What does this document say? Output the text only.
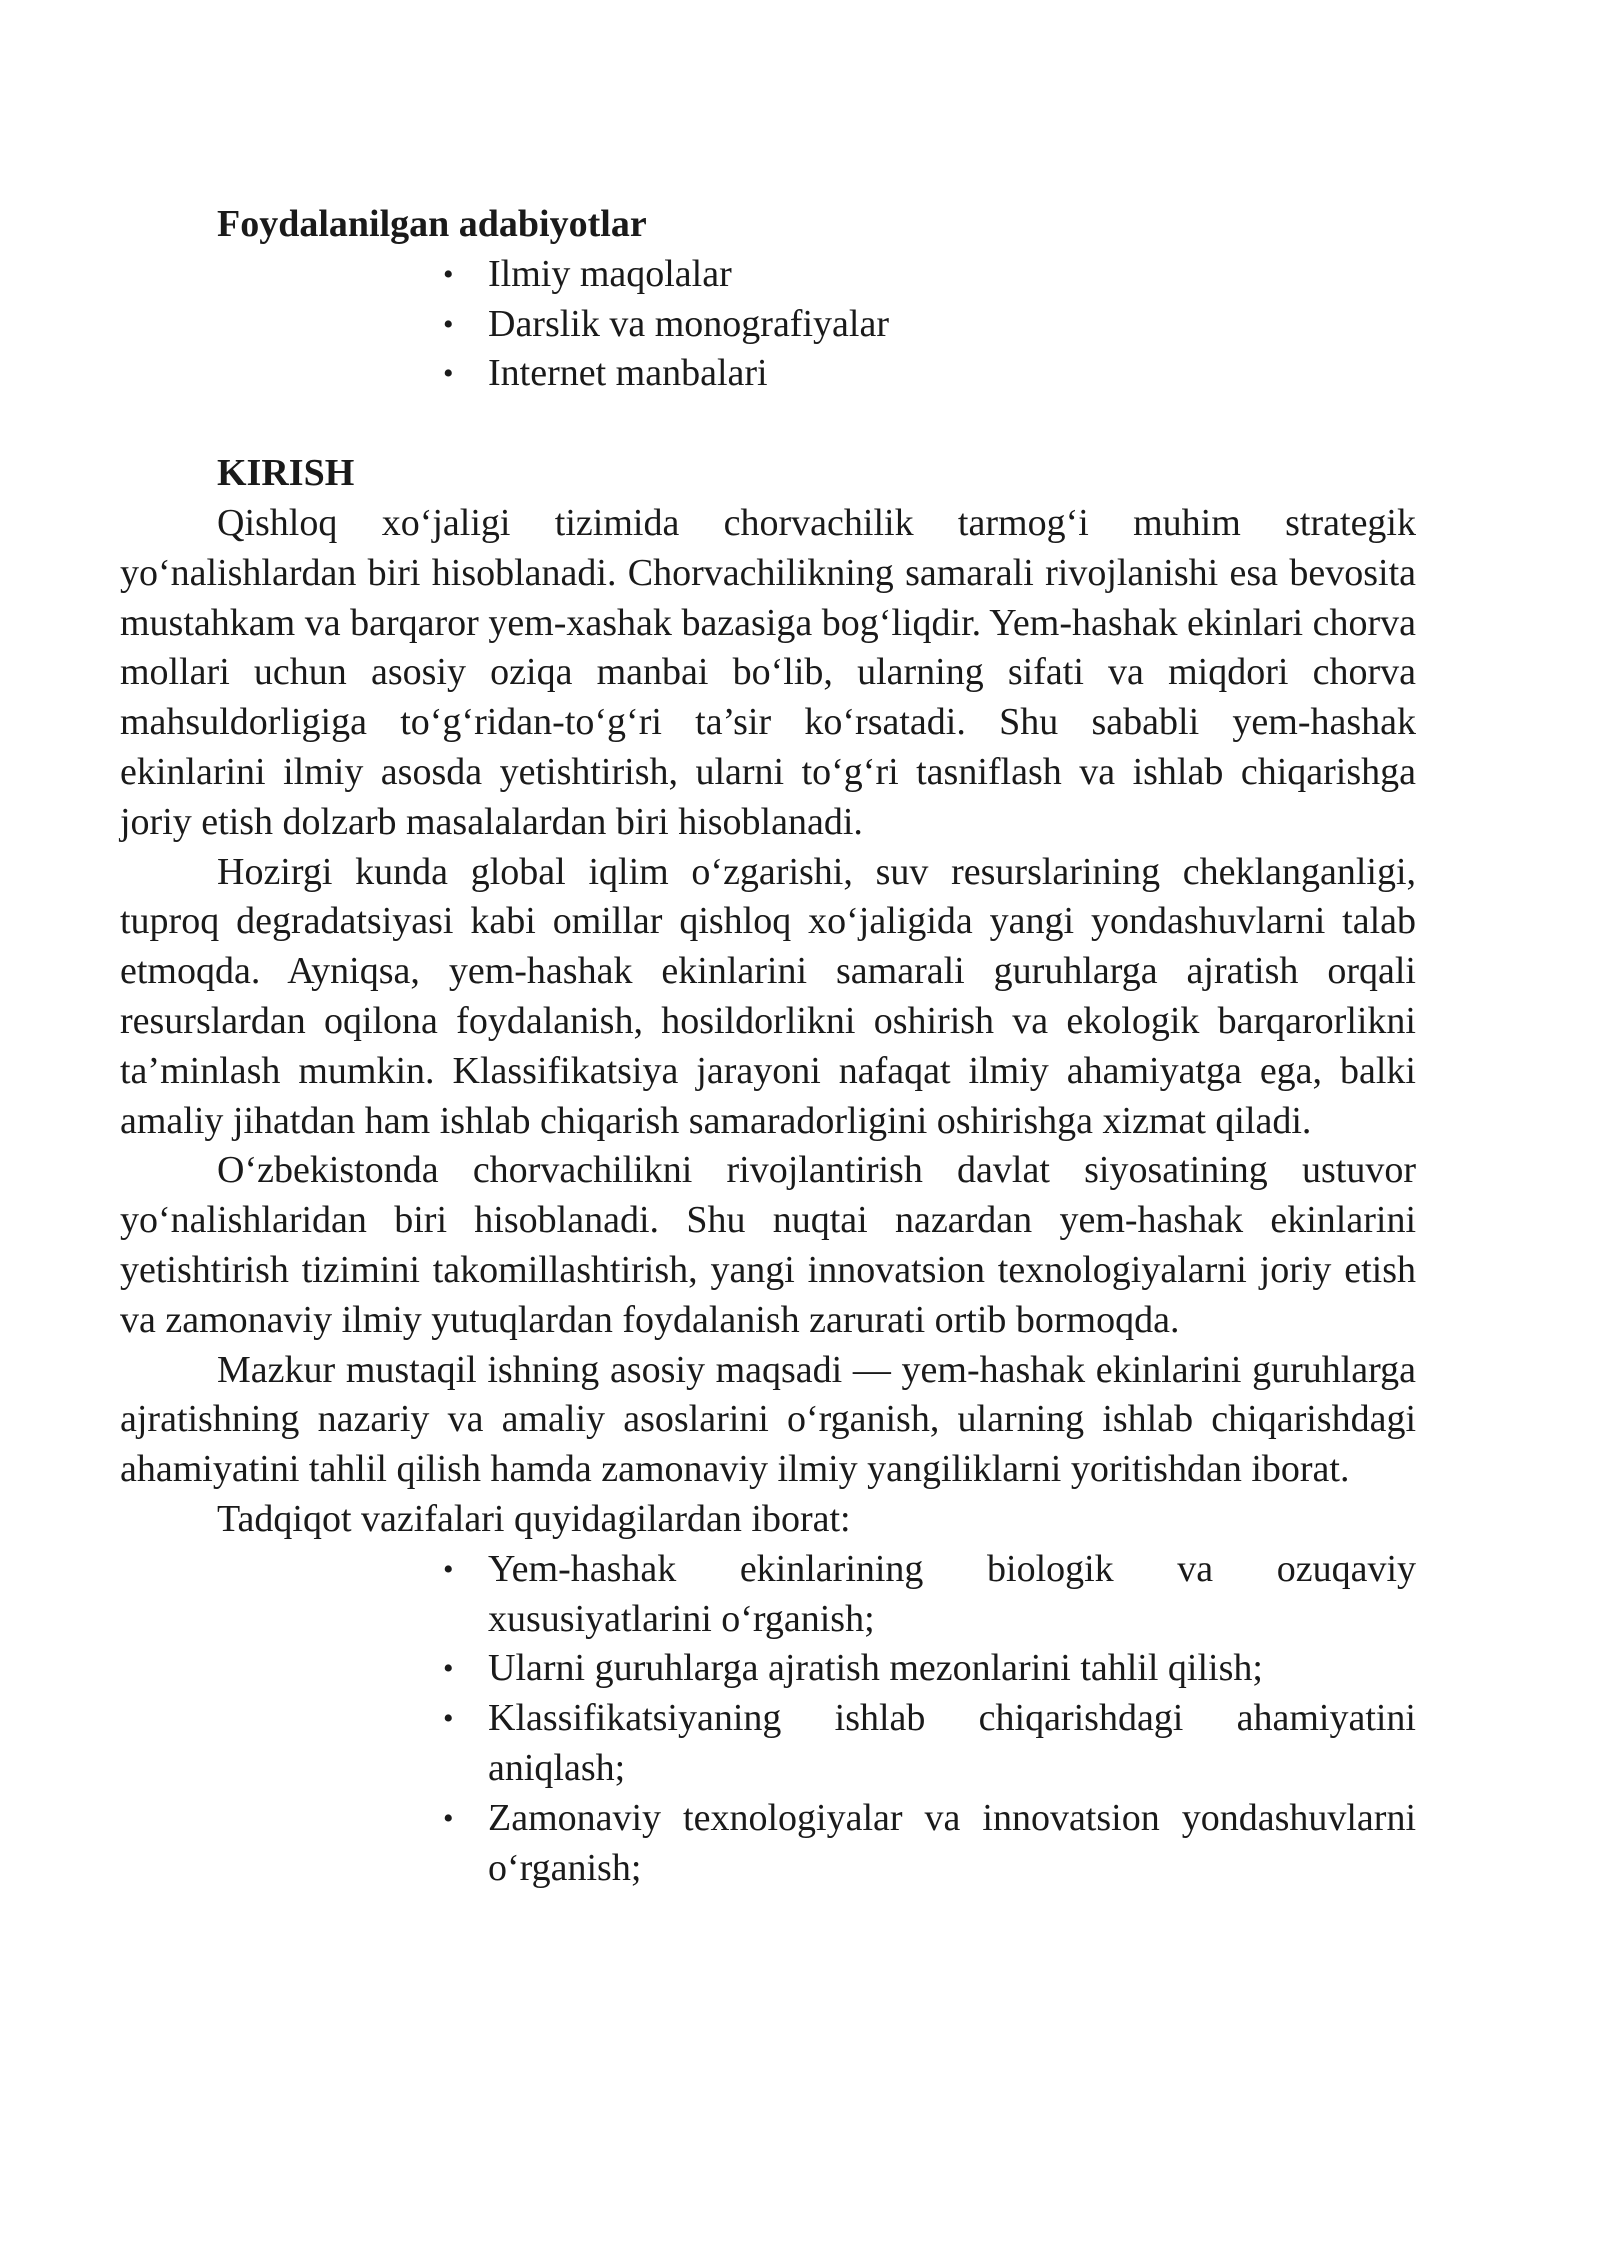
Foydalanilgan adabiyotlar

• Ilmiy maqolalar
• Darslik va monografiyalar
• Internet manbalari

KIRISH

Qishloq xo‘jaligi tizimida chorvachilik tarmog‘i muhim strategik yo‘nalishlardan biri hisoblanadi. Chorvachilikning samarali rivojlanishi esa bevosita mustahkam va barqaror yem-xashak bazasiga bog‘liqdir. Yem-hashak ekinlari chorva mollari uchun asosiy oziqa manbai bo‘lib, ularning sifati va miqdori chorva mahsuldorligiga to‘g‘ridan-to‘g‘ri ta’sir ko‘rsatadi. Shu sababli yem-hashak ekinlarini ilmiy asosda yetishtirish, ularni to‘g‘ri tasniflash va ishlab chiqarishga joriy etish dolzarb masalalardan biri hisoblanadi.

Hozirgi kunda global iqlim o‘zgarishi, suv resurslarining cheklanganligi, tuproq degradatsiyasi kabi omillar qishloq xo‘jaligida yangi yondashuvlarni talab etmoqda. Ayniqsa, yem-hashak ekinlarini samarali guruhlarga ajratish orqali resurslardan oqilona foydalanish, hosildorlikni oshirish va ekologik barqarorlikni ta’minlash mumkin. Klassifikatsiya jarayoni nafaqat ilmiy ahamiyatga ega, balki amaliy jihatdan ham ishlab chiqarish samaradorligini oshirishga xizmat qiladi.

O‘zbekistonda chorvachilikni rivojlantirish davlat siyosatining ustuvor yo‘nalishlaridan biri hisoblanadi. Shu nuqtai nazardan yem-hashak ekinlarini yetishtirish tizimini takomillashtirish, yangi innovatsion texnologiyalarni joriy etish va zamonaviy ilmiy yutuqlardan foydalanish zarurati ortib bormoqda.

Mazkur mustaqil ishning asosiy maqsadi — yem-hashak ekinlarini guruhlarga ajratishning nazariy va amaliy asoslarini o‘rganish, ularning ishlab chiqarishdagi ahamiyatini tahlil qilish hamda zamonaviy ilmiy yangiliklarni yoritishdan iborat.

Tadqiqot vazifalari quyidagilardan iborat:

• Yem-hashak ekinlarining biologik va ozuqaviy xususiyatlarini o‘rganish;
• Ularni guruhlarga ajratish mezonlarini tahlil qilish;
• Klassifikatsiyaning ishlab chiqarishdagi ahamiyatini aniqlash;
• Zamonaviy texnologiyalar va innovatsion yondashuvlarni o‘rganish;
